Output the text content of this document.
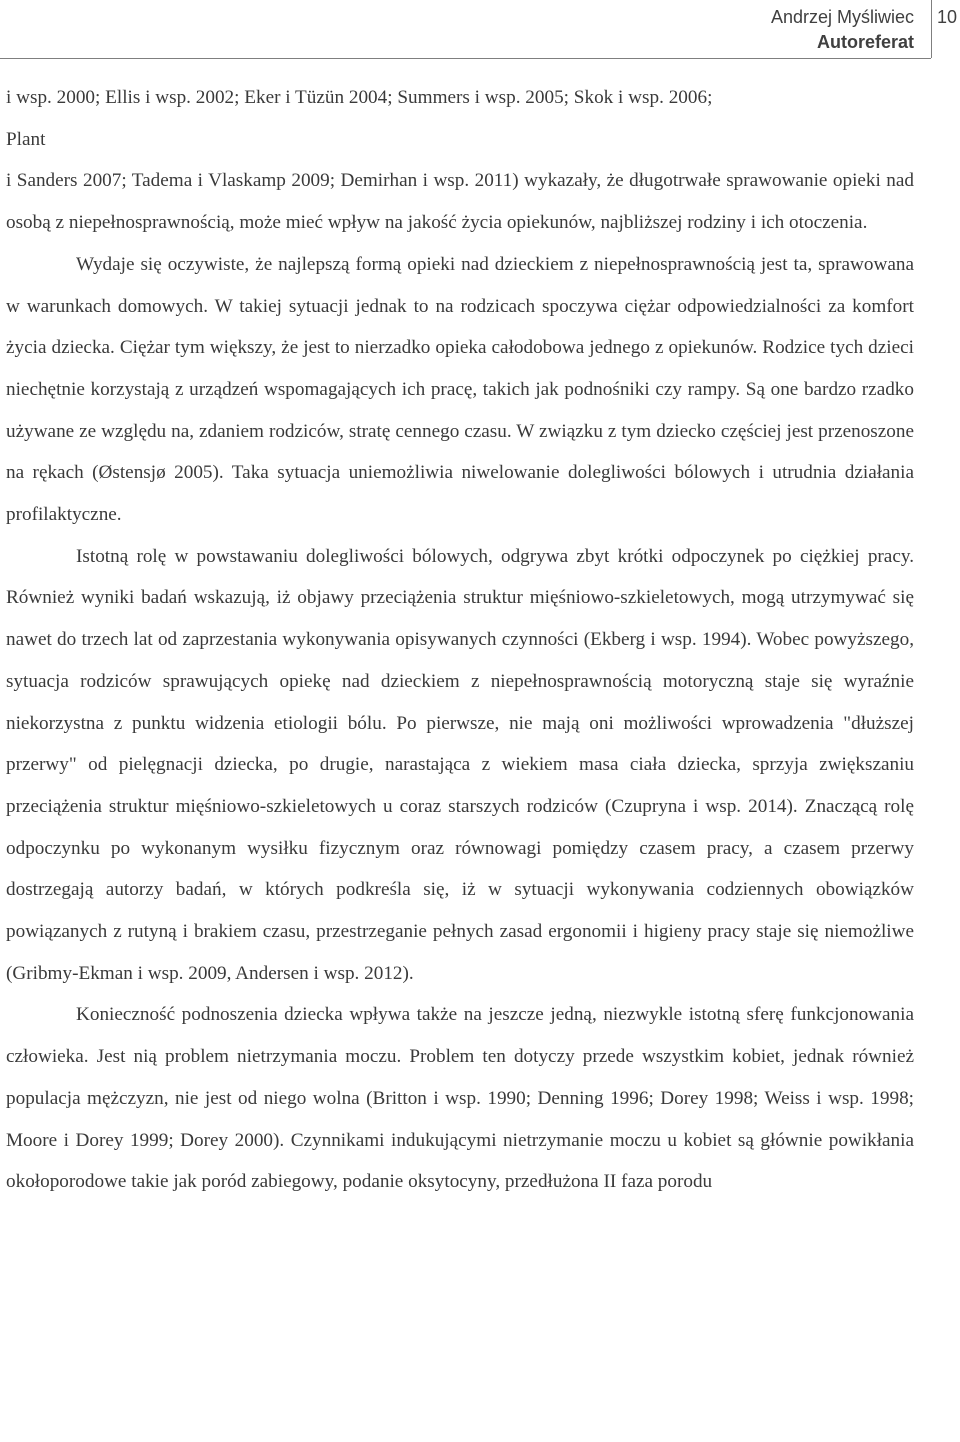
Andrzej Myśliwiec
Autoreferat
10

i wsp. 2000; Ellis i wsp. 2002; Eker i Tüzün 2004; Summers i wsp. 2005; Skok i wsp. 2006;
Plant
i Sanders 2007; Tadema i Vlaskamp 2009; Demirhan i wsp. 2011) wykazały, że długotrwałe sprawowanie opieki nad osobą z niepełnosprawnością, może mieć wpływ na jakość życia opiekunów, najbliższej rodziny i ich otoczenia.

Wydaje się oczywiste, że najlepszą formą opieki nad dzieckiem z niepełnosprawnością jest ta, sprawowana w warunkach domowych. W takiej sytuacji jednak to na rodzicach spoczywa ciężar odpowiedzialności za komfort życia dziecka. Ciężar tym większy, że jest to nierzadko opieka całodobowa jednego z opiekunów. Rodzice tych dzieci niechętnie korzystają z urządzeń wspomagających ich pracę, takich jak podnośniki czy rampy. Są one bardzo rzadko używane ze względu na, zdaniem rodziców, stratę cennego czasu. W związku z tym dziecko częściej jest przenoszone na rękach (Østensjø 2005). Taka sytuacja uniemożliwia niwelowanie dolegliwości bólowych i utrudnia działania profilaktyczne.

Istotną rolę w powstawaniu dolegliwości bólowych, odgrywa zbyt krótki odpoczynek po ciężkiej pracy. Również wyniki badań wskazują, iż objawy przeciążenia struktur mięśniowo-szkieletowych, mogą utrzymywać się nawet do trzech lat od zaprzestania wykonywania opisywanych czynności (Ekberg i wsp. 1994). Wobec powyższego, sytuacja rodziców sprawujących opiekę nad dzieckiem z niepełnosprawnością motoryczną staje się wyraźnie niekorzystna z punktu widzenia etiologii bólu. Po pierwsze, nie mają oni możliwości wprowadzenia "dłuższej przerwy" od pielęgnacji dziecka, po drugie, narastająca z wiekiem masa ciała dziecka, sprzyja zwiększaniu przeciążenia struktur mięśniowo-szkieletowych u coraz starszych rodziców (Czupryna i wsp. 2014). Znaczącą rolę odpoczynku po wykonanym wysiłku fizycznym oraz równowagi pomiędzy czasem pracy, a czasem przerwy dostrzegają autorzy badań, w których podkreśla się, iż w sytuacji wykonywania codziennych obowiązków powiązanych z rutyną i brakiem czasu, przestrzeganie pełnych zasad ergonomii i higieny pracy staje się niemożliwe (Gribmy-Ekman i wsp. 2009, Andersen i wsp. 2012).

Konieczność podnoszenia dziecka wpływa także na jeszcze jedną, niezwykle istotną sferę funkcjonowania człowieka. Jest nią problem nietrzymania moczu. Problem ten dotyczy przede wszystkim kobiet, jednak również populacja mężczyzn, nie jest od niego wolna (Britton i wsp. 1990; Denning 1996; Dorey 1998; Weiss i wsp. 1998; Moore i Dorey 1999; Dorey 2000). Czynnikami indukującymi nietrzymanie moczu u kobiet są głównie powikłania okołoporodowe takie jak poród zabiegowy, podanie oksytocyny, przedłużona II faza porodu
